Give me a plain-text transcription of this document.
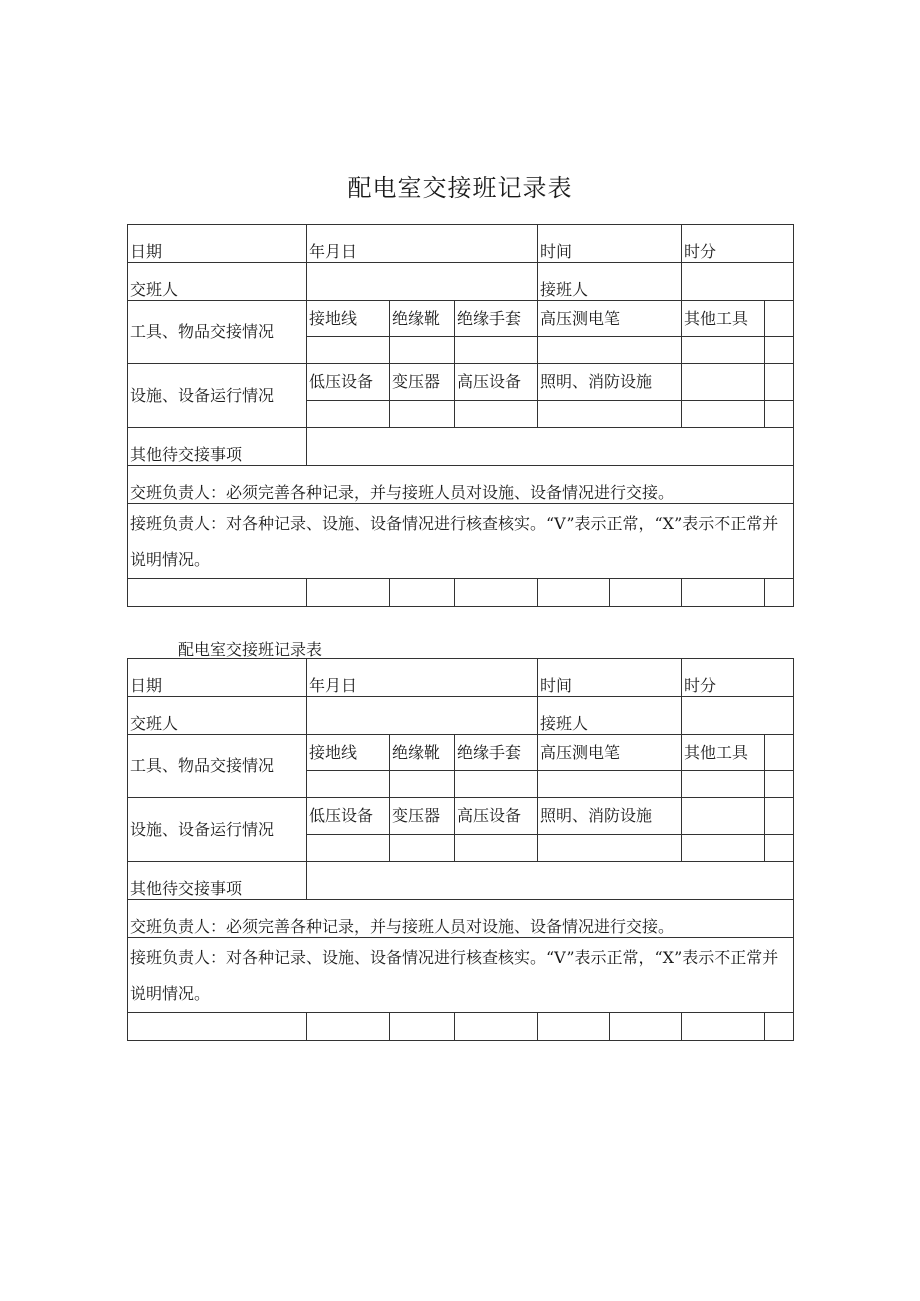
配电室交接班记录表
日期	年月日			时间		时分	
交班人				接班人			
工具、物品交接情况	接地线	绝缘靴	绝缘手套	高压测电笔		其他工具	

设施、设备运行情况	低压设备	变压器	高压设备	照明、消防设施			

其他待交接事项							
交班负责人：必须完善各种记录，并与接班人员对设施、设备情况进行交接。							
接班负责人：对各种记录、设施、设备情况进行核查核实。“V”表示正常，“X”表示不正常并说明情况。							

配电室交接班记录表
日期	年月日			时间		时分	
交班人				接班人			
工具、物品交接情况	接地线	绝缘靴	绝缘手套	高压测电笔		其他工具	

设施、设备运行情况	低压设备	变压器	高压设备	照明、消防设施			

其他待交接事项							
交班负责人：必须完善各种记录，并与接班人员对设施、设备情况进行交接。							
接班负责人：对各种记录、设施、设备情况进行核查核实。“V”表示正常，“X”表示不正常并说明情况。							
